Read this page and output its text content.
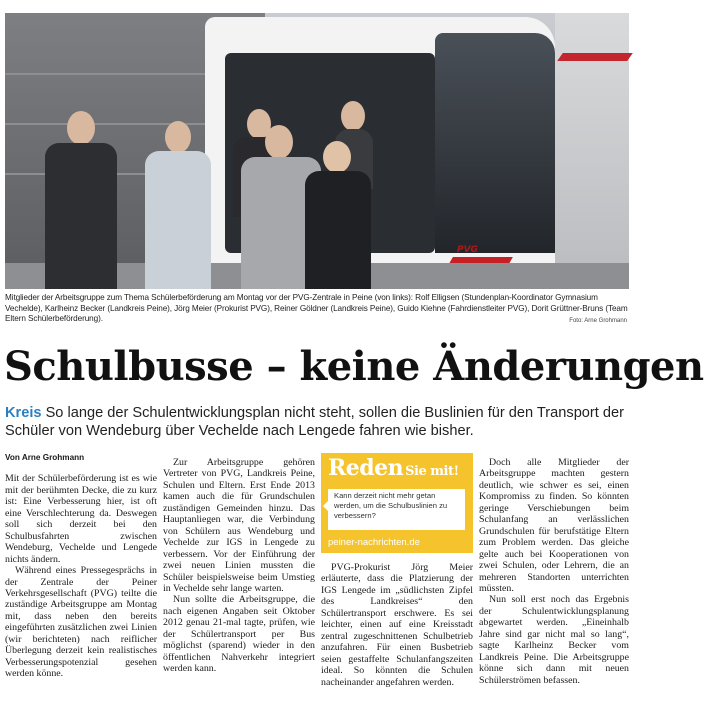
PVG
Mitglieder der Arbeitsgruppe zum Thema Schülerbeförderung am Montag vor der PVG-Zentrale in Peine (von links): Rolf Elligsen (Stundenplan-Koordinator Gymnasium Vechelde), Karlheinz Becker (Landkreis Peine), Jörg Meier (Prokurist PVG), Reiner Göldner (Landkreis Peine), Guido Kiehne (Fahrdienstleiter PVG), Dorit Grüttner-Bruns (Team Eltern Schülerbeförderung).	Foto: Arne Grohmann
Schulbusse – keine Änderungen
Kreis So lange der Schulentwicklungsplan nicht steht, sollen die Buslinien für den Transport der Schüler von Wendeburg über Vechelde nach Lengede fahren wie bisher.

Von Arne Grohmann

Mit der Schülerbeförderung ist es wie mit der berühmten Decke, die zu kurz ist: Eine Verbesserung hier, ist oft eine Verschlechterung da. Deswegen soll sich derzeit bei den Schulbusfahrten zwischen Wendeburg, Vechelde und Lengede nichts ändern.

Während eines Pressegesprächs in der Zentrale der Peiner Verkehrsgesellschaft (PVG) teilte die zuständige Arbeitsgruppe am Montag mit, dass neben den bereits eingeführten zusätzlichen zwei Linien (wir berichteten) nach reiflicher Überlegung derzeit kein realistisches Verbesserungspotenzial gesehen werden könne.

Zur Arbeitsgruppe gehören Vertreter von PVG, Landkreis Peine, Schulen und Eltern. Erst Ende 2013 kamen auch die für Grundschulen zuständigen Gemeinden hinzu. Das Hauptanliegen war, die Verbindung von Schülern aus Wendeburg und Vechelde zur IGS in Lengede zu verbessern. Vor der Einführung der zwei neuen Linien mussten die Schüler beispielsweise beim Umstieg in Vechelde sehr lange warten.

Nun sollte die Arbeitsgruppe, die nach eigenen Angaben seit Oktober 2012 genau 21-mal tagte, prüfen, wie der Schülertransport per Bus möglichst (sparend) wieder in den öffentlichen Nahverkehr integriert werden kann.

Reden Sie mit!
Kann derzeit nicht mehr getan werden, um die Schulbuslinien zu verbessern?
peiner-nachrichten.de

PVG-Prokurist Jörg Meier erläuterte, dass die Platzierung der IGS Lengede im „südlichsten Zipfel des Landkreises“ den Schülertransport erschwere. Es sei leichter, einen auf eine Kreisstadt zentral zugeschnittenen Schulbetrieb anzufahren. Für einen Busbetrieb seien gestaffelte Schulanfangszeiten ideal. So könnten die Schulen nacheinander angefahren werden.

Doch alle Mitglieder der Arbeitsgruppe machten gestern deutlich, wie schwer es sei, einen Kompromiss zu finden. So könnten geringe Verschiebungen beim Schulanfang an verlässlichen Grundschulen für berufstätige Eltern zum Problem werden. Das gleiche gelte auch bei Kooperationen von zwei Schulen, oder Lehrern, die an mehreren Standorten unterrichten müssten.

Nun soll erst noch das Ergebnis der Schulentwicklungsplanung abgewartet werden. „Eineinhalb Jahre sind gar nicht mal so lang“, sagte Karlheinz Becker vom Landkreis Peine. Die Arbeitsgruppe könne sich dann mit neuen Schülerströmen befassen.
